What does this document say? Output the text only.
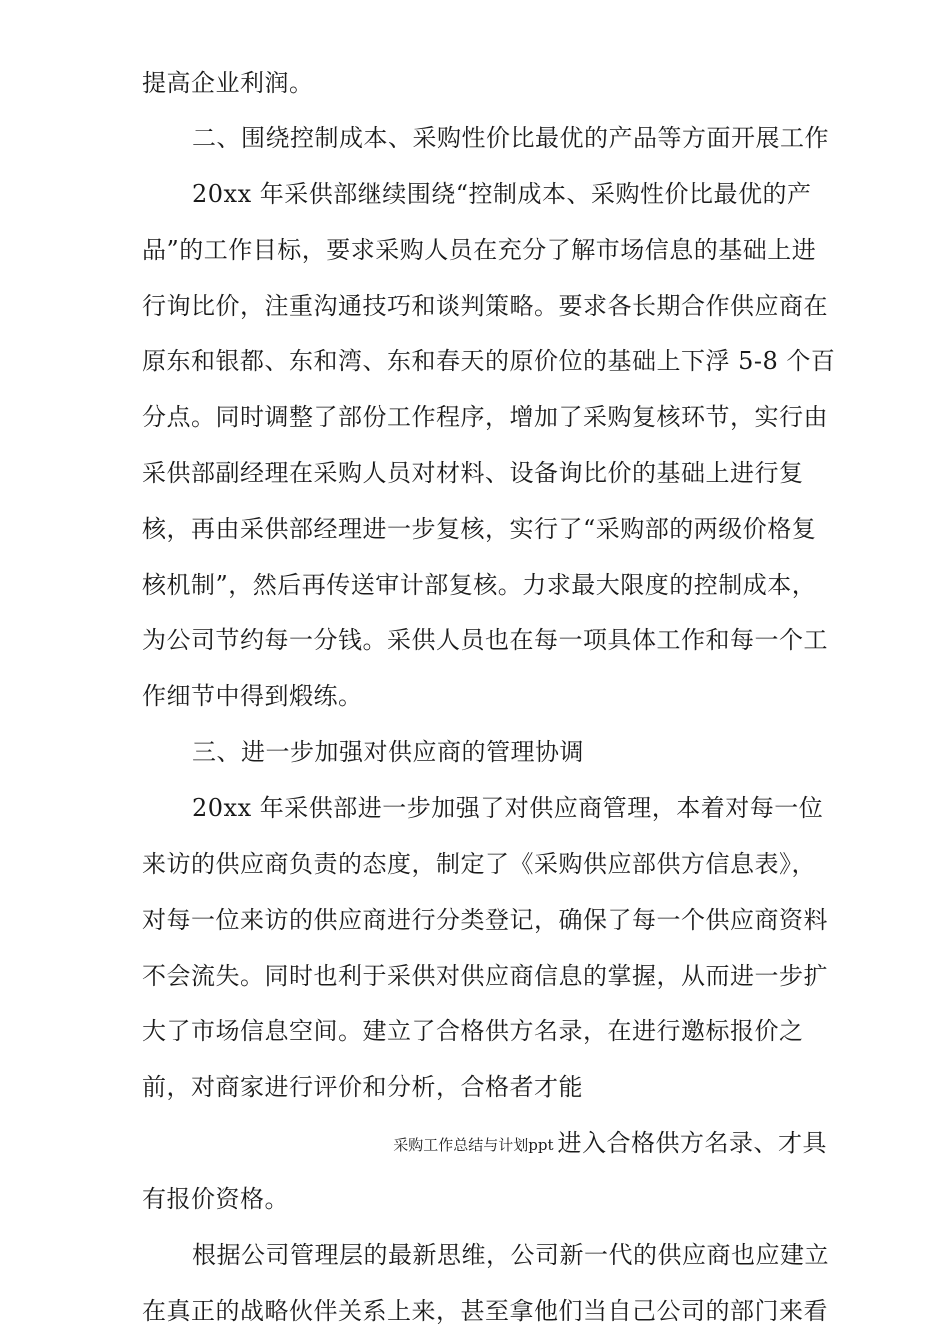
提高企业利润。

二、围绕控制成本、采购性价比最优的产品等方面开展工作

20xx 年采供部继续围绕“控制成本、采购性价比最优的产

品”的工作目标，要求采购人员在充分了解市场信息的基础上进

行询比价，注重沟通技巧和谈判策略。要求各长期合作供应商在

原东和银都、东和湾、东和春天的原价位的基础上下浮 5-8 个百

分点。同时调整了部份工作程序，增加了采购复核环节，实行由

采供部副经理在采购人员对材料、设备询比价的基础上进行复

核，再由采供部经理进一步复核，实行了“采购部的两级价格复

核机制”，然后再传送审计部复核。力求最大限度的控制成本，

为公司节约每一分钱。采供人员也在每一项具体工作和每一个工

作细节中得到煅练。

三、进一步加强对供应商的管理协调

20xx 年采供部进一步加强了对供应商管理，本着对每一位

来访的供应商负责的态度，制定了《采购供应部供方信息表》，

对每一位来访的供应商进行分类登记，确保了每一个供应商资料

不会流失。同时也利于采供对供应商信息的掌握，从而进一步扩

大了市场信息空间。建立了合格供方名录，在进行邀标报价之

前，对商家进行评价和分析，合格者才能

采购工作总结与计划ppt 进入合格供方名录、才具

有报价资格。

根据公司管理层的最新思维，公司新一代的供应商也应建立

在真正的战略伙伴关系上来，甚至拿他们当自己公司的部门来看
